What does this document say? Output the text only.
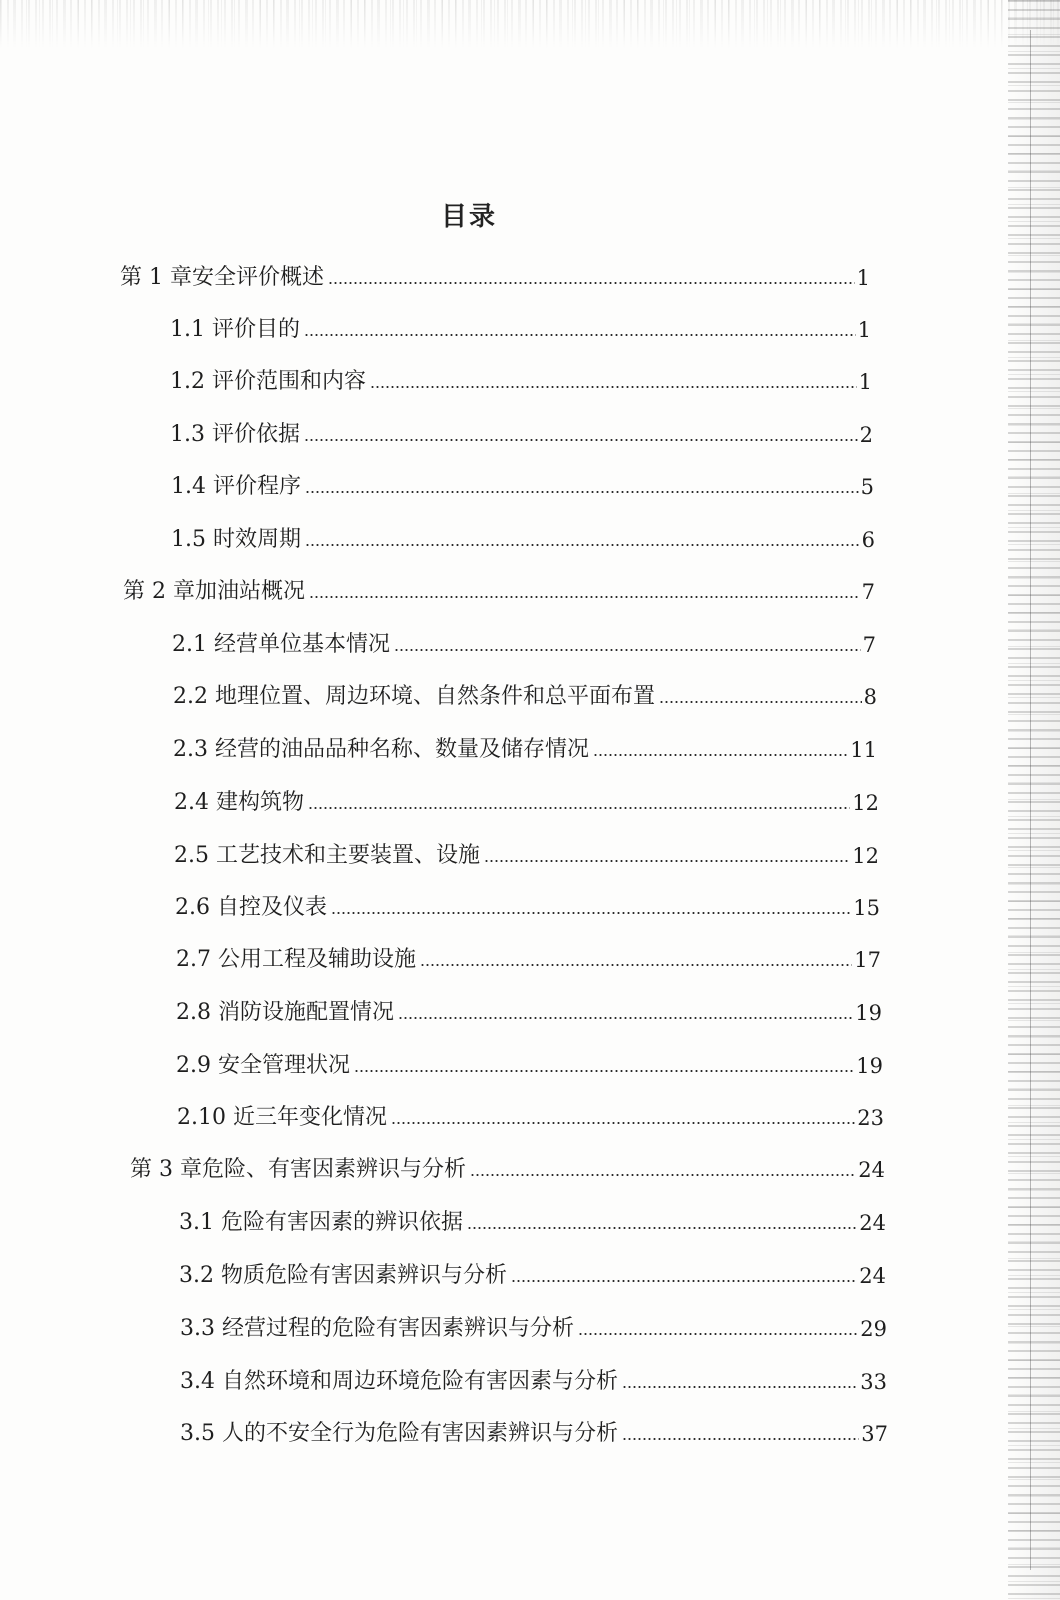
目录
第 1 章安全评价概述	1
1.1 评价目的	1
1.2 评价范围和内容	1
1.3 评价依据	2
1.4 评价程序	5
1.5 时效周期	6
第 2 章加油站概况	7
2.1 经营单位基本情况	7
2.2 地理位置、周边环境、自然条件和总平面布置	8
2.3 经营的油品品种名称、数量及储存情况	11
2.4 建构筑物	12
2.5 工艺技术和主要装置、设施	12
2.6 自控及仪表	15
2.7 公用工程及辅助设施	17
2.8 消防设施配置情况	19
2.9 安全管理状况	19
2.10 近三年变化情况	23
第 3 章危险、有害因素辨识与分析	24
3.1 危险有害因素的辨识依据	24
3.2 物质危险有害因素辨识与分析	24
3.3 经营过程的危险有害因素辨识与分析	29
3.4 自然环境和周边环境危险有害因素与分析	33
3.5 人的不安全行为危险有害因素辨识与分析	37
